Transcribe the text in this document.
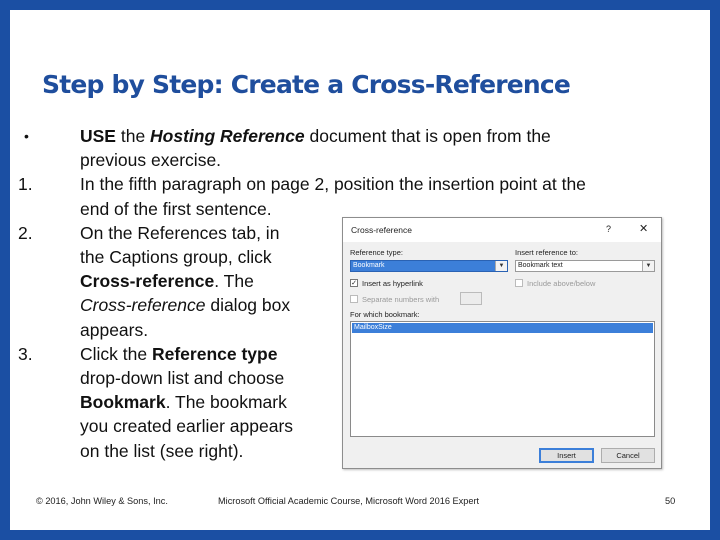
Step by Step: Create a Cross-Reference
•	USE the Hosting Reference document that is open from the
previous exercise.
1.	In the fifth paragraph on page 2, position the insertion point at the
end of the first sentence.
2.	On the References tab, in
the Captions group, click
Cross-reference. The
Cross-reference dialog box
appears.
3.	Click the Reference type
drop-down list and choose
Bookmark. The bookmark
you created earlier appears
on the list (see right).
Cross-reference	?	✕
Reference type:
Bookmark	▼
Insert reference to:
Bookmark text	▼
✓ Insert as hyperlink	Include above/below
Separate numbers with
For which bookmark:
MailboxSize
Insert	Cancel
© 2016, John Wiley & Sons, Inc.	Microsoft Official Academic Course, Microsoft Word 2016 Expert	50
